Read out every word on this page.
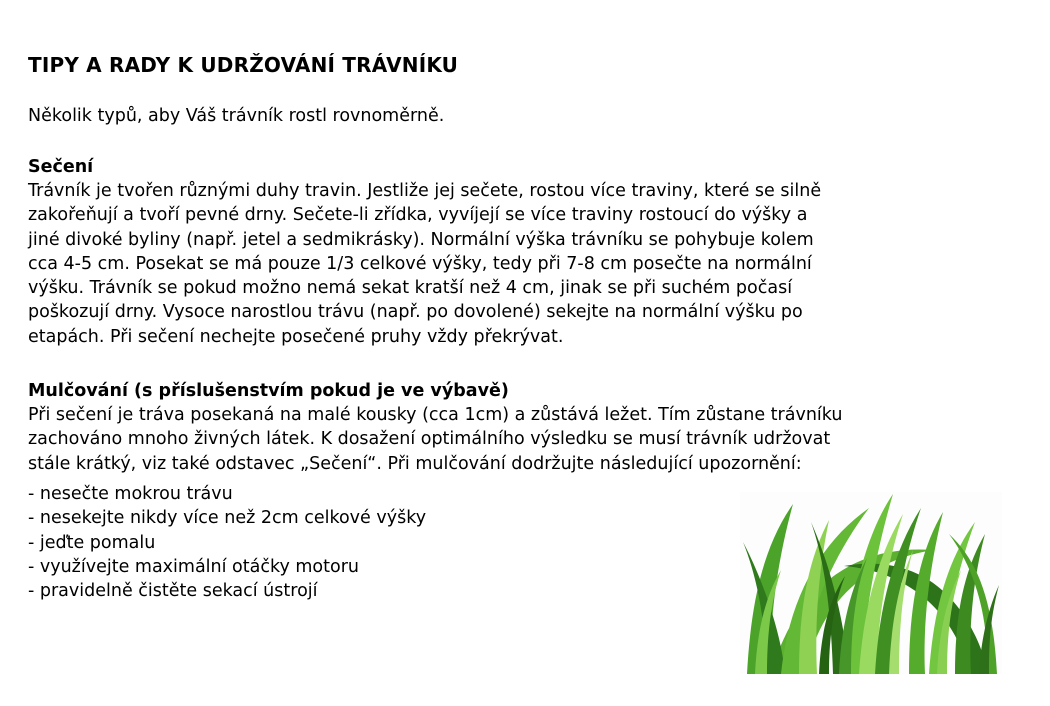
TIPY A RADY K UDRŽOVÁNÍ TRÁVNÍKU
Několik typů, aby Váš trávník rostl rovnoměrně.
Sečení
Trávník je tvořen různými duhy travin. Jestliže jej sečete, rostou více traviny, které se silně
zakořeňují a tvoří pevné drny. Sečete-li zřídka, vyvíjejí se více traviny rostoucí do výšky a
jiné divoké byliny (např. jetel a sedmikrásky). Normální výška trávníku se pohybuje kolem
cca 4-5 cm. Posekat se má pouze 1/3 celkové výšky, tedy při 7-8 cm posečte na normální
výšku. Trávník se pokud možno nemá sekat kratší než 4 cm, jinak se při suchém počasí
poškozují drny. Vysoce narostlou trávu (např. po dovolené) sekejte na normální výšku po
etapách. Při sečení nechejte posečené pruhy vždy překrývat.
Mulčování (s příslušenstvím pokud je ve výbavě)
Při sečení je tráva posekaná na malé kousky (cca 1cm) a zůstává ležet. Tím zůstane trávníku
zachováno mnoho živných látek. K dosažení optimálního výsledku se musí trávník udržovat
stále krátký, viz také odstavec „Sečení“. Při mulčování dodržujte následující upozornění:
- nesečte mokrou trávu
- nesekejte nikdy více než 2cm celkové výšky
- jeďte pomalu
- využívejte maximální otáčky motoru
- pravidelně čistěte sekací ústrojí
